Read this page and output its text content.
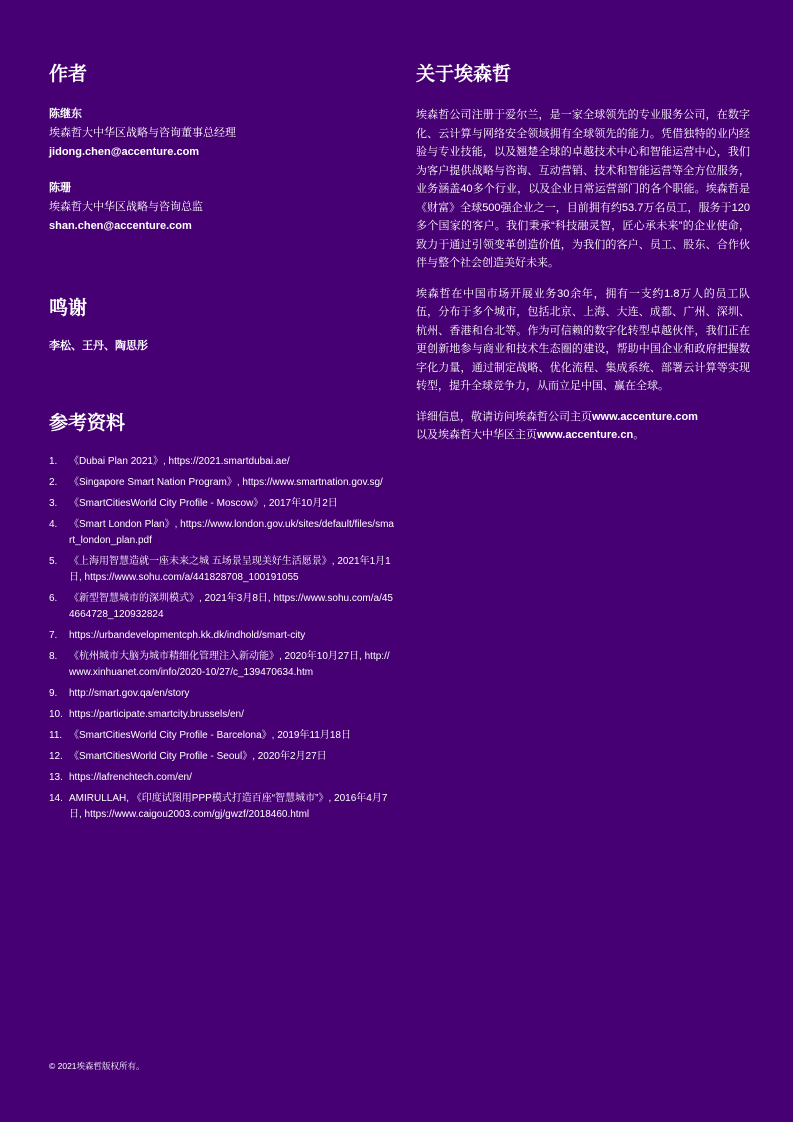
作者
陈继东
埃森哲大中华区战略与咨询董事总经理
jidong.chen@accenture.com
陈珊
埃森哲大中华区战略与咨询总监
shan.chen@accenture.com
鸣谢
李松、王丹、陶思彤
参考资料
1. 《Dubai Plan 2021》, https://2021.smartdubai.ae/
2. 《Singapore Smart Nation Program》, https://www.smartnation.gov.sg/
3. 《SmartCitiesWorld City Profile - Moscow》, 2017年10月2日
4. 《Smart London Plan》, https://www.london.gov.uk/sites/default/files/smart_london_plan.pdf
5. 《上海用智慧造就一座未来之城 五场景呈现美好生活愿景》, 2021年1月1日, https://www.sohu.com/a/441828708_100191055
6. 《新型智慧城市的深圳模式》, 2021年3月8日, https://www.sohu.com/a/454664728_120932824
7. https://urbandevelopmentcph.kk.dk/indhold/smart-city
8. 《杭州城市大脑为城市精细化管理注入新动能》, 2020年10月27日, http://www.xinhuanet.com/info/2020-10/27/c_139470634.htm
9. http://smart.gov.qa/en/story
10. https://participate.smartcity.brussels/en/
11. 《SmartCitiesWorld City Profile - Barcelona》, 2019年11月18日
12. 《SmartCitiesWorld City Profile - Seoul》, 2020年2月27日
13. https://lafrenchtech.com/en/
14. AMIRULLAH, 《印度试图用PPP模式打造百座“智慧城市”》, 2016年4月7日, https://www.caigou2003.com/gj/gwzf/2018460.html
关于埃森哲

埃森哲公司注册于爱尔兰，是一家全球领先的专业服务公司，在数字化、云计算与网络安全领域拥有全球领先的能力。凭借独特的业内经验与专业技能，以及翘楚全球的卓越技术中心和智能运营中心，我们为客户提供战略与咨询、互动营销、技术和智能运营等全方位服务，业务涵盖40多个行业，以及企业日常运营部门的各个职能。埃森哲是《财富》全球500强企业之一，目前拥有约53.7万名员工，服务于120多个国家的客户。我们秉承“科技融灵智，匠心承未来”的企业使命，致力于通过引领变革创造价值，为我们的客户、员工、股东、合作伙伴与整个社会创造美好未来。

埃森哲在中国市场开展业务30余年，拥有一支约1.8万人的员工队伍，分布于多个城市，包括北京、上海、大连、成都、广州、深圳、杭州、香港和台北等。作为可信赖的数字化转型卓越伙伴，我们正在更创新地参与商业和技术生态圈的建设，帮助中国企业和政府把握数字化力量，通过制定战略、优化流程、集成系统、部署云计算等实现转型，提升全球竞争力，从而立足中国、赢在全球。

详细信息，敬请访问埃森哲公司主页www.accenture.com
以及埃森哲大中华区主页www.accenture.cn。
© 2021埃森哲版权所有。
